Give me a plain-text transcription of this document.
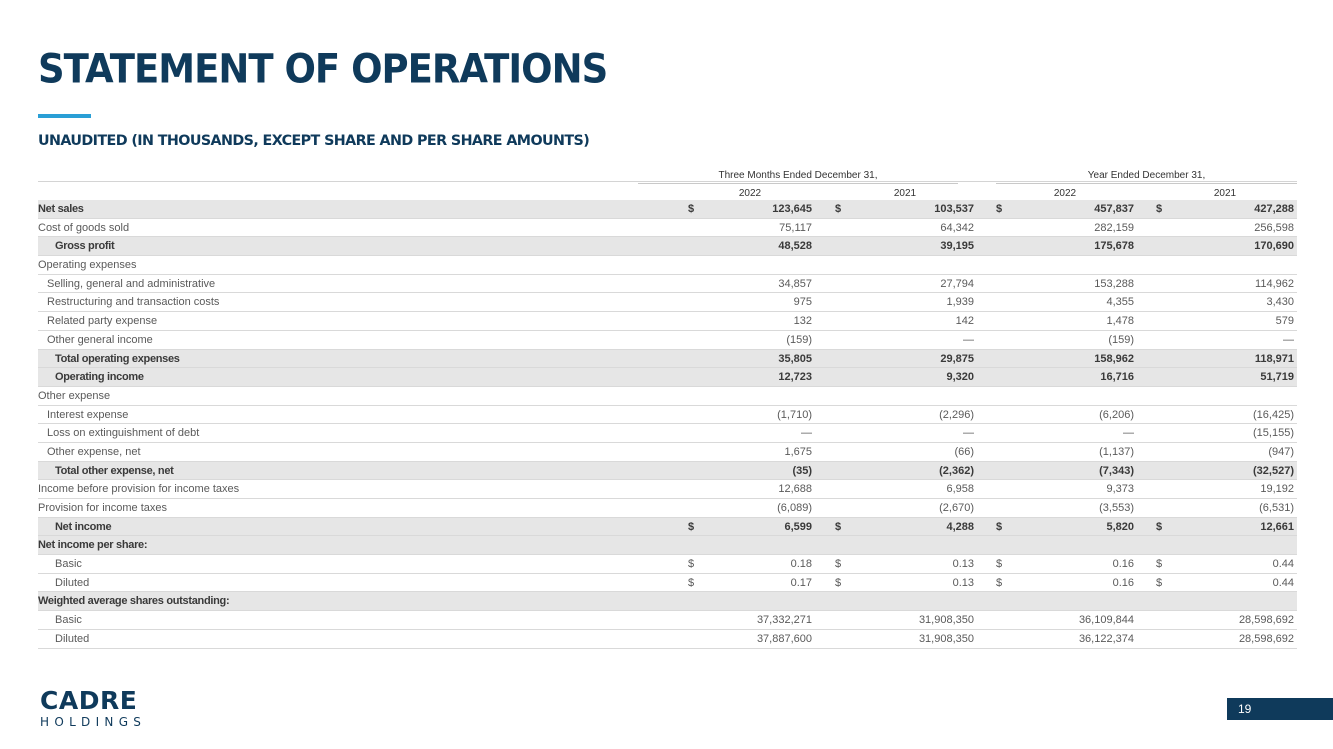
STATEMENT OF OPERATIONS
UNAUDITED (IN THOUSANDS, EXCEPT SHARE AND PER SHARE AMOUNTS)
Three Months Ended December 31,	Year Ended December 31,
2022	2021	2022	2021
Net sales	$	123,645 $	103,537 $	457,837 $	427,288
Cost of goods sold	75,117	64,342	282,159	256,598
Gross profit	48,528	39,195	175,678	170,690
Operating expenses
Selling, general and administrative	34,857	27,794	153,288	114,962
Restructuring and transaction costs	975	1,939	4,355	3,430
Related party expense	132	142	1,478	579
Other general income	(159)	—	(159)	—
Total operating expenses	35,805	29,875	158,962	118,971
Operating income	12,723	9,320	16,716	51,719
Other expense
Interest expense	(1,710)	(2,296)	(6,206)	(16,425)
Loss on extinguishment of debt	—	—	—	(15,155)
Other expense, net	1,675	(66)	(1,137)	(947)
Total other expense, net	(35)	(2,362)	(7,343)	(32,527)
Income before provision for income taxes	12,688	6,958	9,373	19,192
Provision for income taxes	(6,089)	(2,670)	(3,553)	(6,531)
Net income	$	6,599 $	4,288 $	5,820 $	12,661
Net income per share:
Basic	$	0.18 $	0.13 $	0.16 $	0.44
Diluted	$	0.17 $	0.13 $	0.16 $	0.44
Weighted average shares outstanding:
Basic	37,332,271	31,908,350	36,109,844	28,598,692
Diluted	37,887,600	31,908,350	36,122,374	28,598,692
CADRE
HOLDINGS
19
